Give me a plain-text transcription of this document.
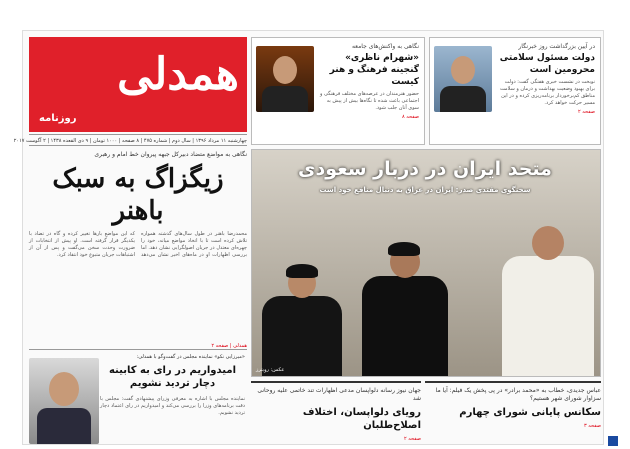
همدلی
روزنامه
چهارشنبه ۱۱ مرداد ۱۳۹۶ | سال دوم | شماره ۴۷۵ | ۸ صفحه | ۱۰۰۰ تومان | ۹ ذی القعده ۱۴۳۸ | ۲ آگوست ۲۰۱۷
در آیین بزرگداشت روز خبرنگار
دولت مسئول سلامتی محرومین است
نوبخت در نشست خبری هفتگی گفت: دولت برای بهبود وضعیت بهداشت و درمان و سلامت مناطق کم‌برخوردار برنامه‌ریزی کرده و در این مسیر حرکت خواهد کرد.
صفحه ۲
نگاهی به واکنش‌های جامعه
«شهرام ناظری» گنجینه فرهنگ و هنر کیست
حضور هنرمندان در عرصه‌های مختلف فرهنگی و اجتماعی باعث شده تا نگاه‌ها بیش از پیش به سوی آنان جلب شود.
صفحه ۸
متحد ایران در دربار سعودی
سخنگوی مقتدی صدر: ایران در عراق به دنبال منافع خود است
عکس: رویترز
نگاهی به مواضع متضاد دبیرکل جبهه پیروان خط امام و رهبری
زیگزاگ به سبک باهنر
محمدرضا باهنر در طول سال‌های گذشته همواره تلاش کرده است تا با اتخاذ مواضع میانه، خود را چهره‌ای معتدل در جریان اصولگرایی نشان دهد. اما بررسی اظهارات او در ماه‌های اخیر نشان می‌دهد که این مواضع بارها تغییر کرده و گاه در تضاد با یکدیگر قرار گرفته است. او پیش از انتخابات از ضرورت وحدت سخن می‌گفت و پس از آن از اشتباهات جریان متبوع خود انتقاد کرد.
همدلی | صفحه ۲
«میرزایی نکو» نماینده مجلس در گفت‌وگو با همدلی:
امیدواریم در رای به کابینه دچار تردید نشویم
نماینده مجلس با اشاره به معرفی وزرای پیشنهادی گفت: مجلس با دقت برنامه‌های وزرا را بررسی می‌کند و امیدواریم در رای اعتماد دچار تردید نشویم.
جهان نیوز رسانه دلواپسان مدعی اظهارات تند خاتمی علیه روحانی شد
رویای دلواپسان، اختلاف اصلاح‌طلبان
صفحه ۲
عباس جدیدی، خطاب به «محمد برادر» در پی پخش یک فیلم: آیا ما سزاوار شورای شهر هستیم؟
سکانس پایانی شورای چهارم
صفحه ۳
